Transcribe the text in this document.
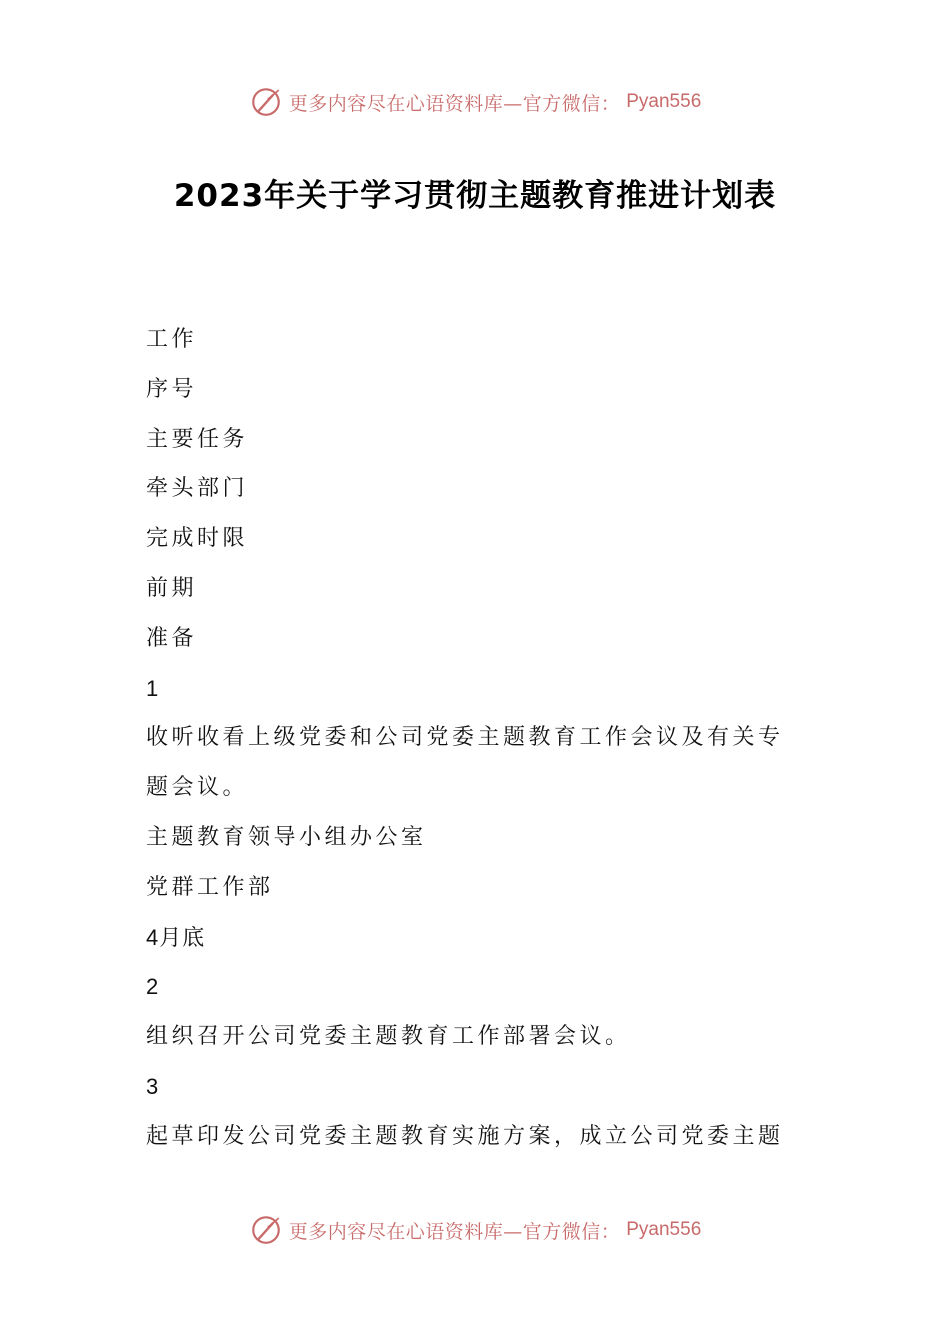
更多内容尽在心语资料库—官方微信： Pyan556
2023年关于学习贯彻主题教育推进计划表

工作

序号

主要任务

牵头部门

完成时限

前期

准备

1

收听收看上级党委和公司党委主题教育工作会议及有关专

题会议。

主题教育领导小组办公室

党群工作部

4月底

2

组织召开公司党委主题教育工作部署会议。

3

起草印发公司党委主题教育实施方案，成立公司党委主题

更多内容尽在心语资料库—官方微信： Pyan556
